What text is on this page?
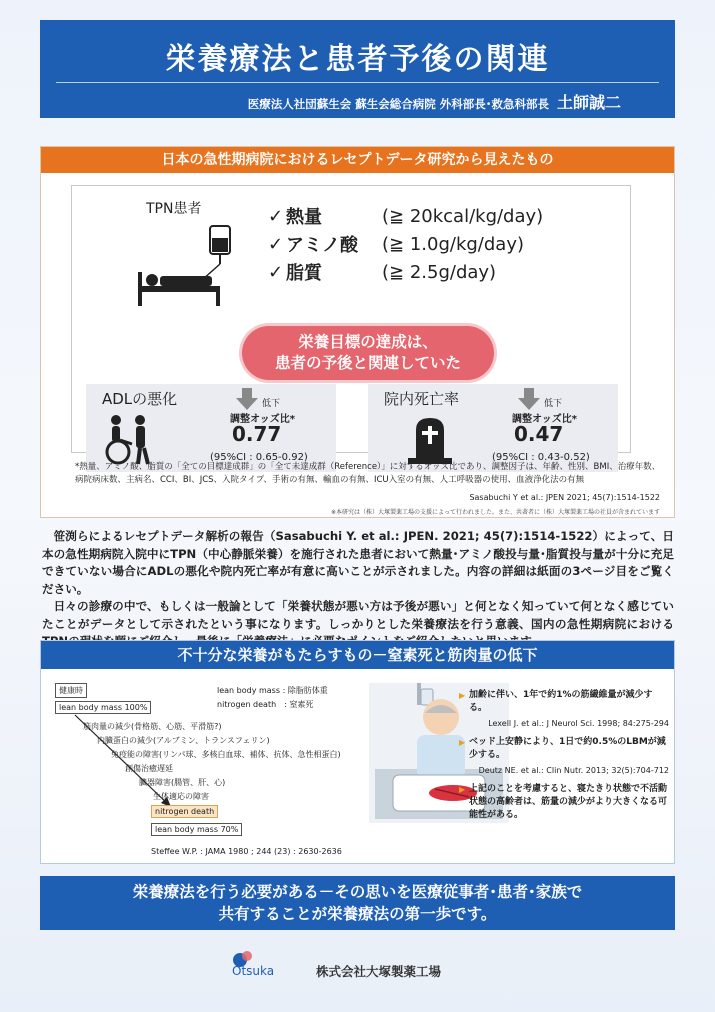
栄養療法と患者予後の関連
医療法人社団蘇生会 蘇生会総合病院 外科部長･救急科部長 土師誠二
日本の急性期病院におけるレセプトデータ研究から見えたもの
TPN患者	✓ 熱量	(≧ 20kcal/kg/day)
✓ アミノ酸	(≧ 1.0g/kg/day)
✓ 脂質	(≧ 2.5g/day)
栄養目標の達成は、
患者の予後と関連していた
ADLの悪化	低下
調整オッズ比*
0.77
(95%CI : 0.65-0.92)
院内死亡率	低下
調整オッズ比*
0.47
(95%CI : 0.43-0.52)
*熱量、アミノ酸、脂質の「全ての目標達成群」の「全て未達成群（Reference）」に対するオッズ比であり、調整因子は、年齢、性別、BMI、治療年数、病院病床数、主病名、CCI、BI、JCS、入院タイプ、手術の有無、輸血の有無、ICU入室の有無、人工呼吸器の使用、血液浄化法の有無
Sasabuchi Y et al.: JPEN 2021; 45(7):1514-1522
※本研究は（株）大塚製薬工場の支援によって行われました。また、共著者に（株）大塚製薬工場の社員が含まれています

笹渕らによるレセプトデータ解析の報告（Sasabuchi Y. et al.: JPEN. 2021; 45(7):1514-1522）によって、日本の急性期病院入院中にTPN（中心静脈栄養）を施行された患者において熱量･アミノ酸投与量･脂質投与量が十分に充足できていない場合にADLの悪化や院内死亡率が有意に高いことが示されました。内容の詳細は紙面の3ページ目をご覧ください。

日々の診療の中で、もしくは一般論として「栄養状態が悪い方は予後が悪い」と何となく知っていて何となく感じていたことがデータとして示されたという事になります。しっかりとした栄養療法を行う意義、国内の急性期病院における

不十分な栄養がもたらすもの－窒素死と筋肉量の低下
健康時
lean body mass 100%
lean body mass : 除脂肪体重
nitrogen death　: 窒素死
筋肉量の減少(骨格筋、心筋、平滑筋?)
内臓蛋白の減少(アルブミン、トランスフェリン)
免疫能の障害(リンパ球、多核白血球、補体、抗体、急性相蛋白)
創傷治癒遅延
臓器障害(腸管、肝、心)
生体適応の障害
nitrogen death
lean body mass 70%
Steffee W.P. : JAMA 1980 ; 244 (23) : 2630-2636
▶ 加齢に伴い、1年で約1%の筋繊維量が減少する。
Lexell J. et al.: J Neurol Sci. 1998; 84:275-294
▶ ベッド上安静により、1日で約0.5%のLBMが減少する。
Deutz NE. et al.: Clin Nutr. 2013; 32(5):704-712
▶ 上記のことを考慮すると、寝たきり状態で不活動状態の高齢者は、筋量の減少がより大きくなる可能性がある。
栄養療法を行う必要がある－その思いを医療従事者･患者･家族で
共有することが栄養療法の第一歩です。
Otsuka	株式会社大塚製薬工場
